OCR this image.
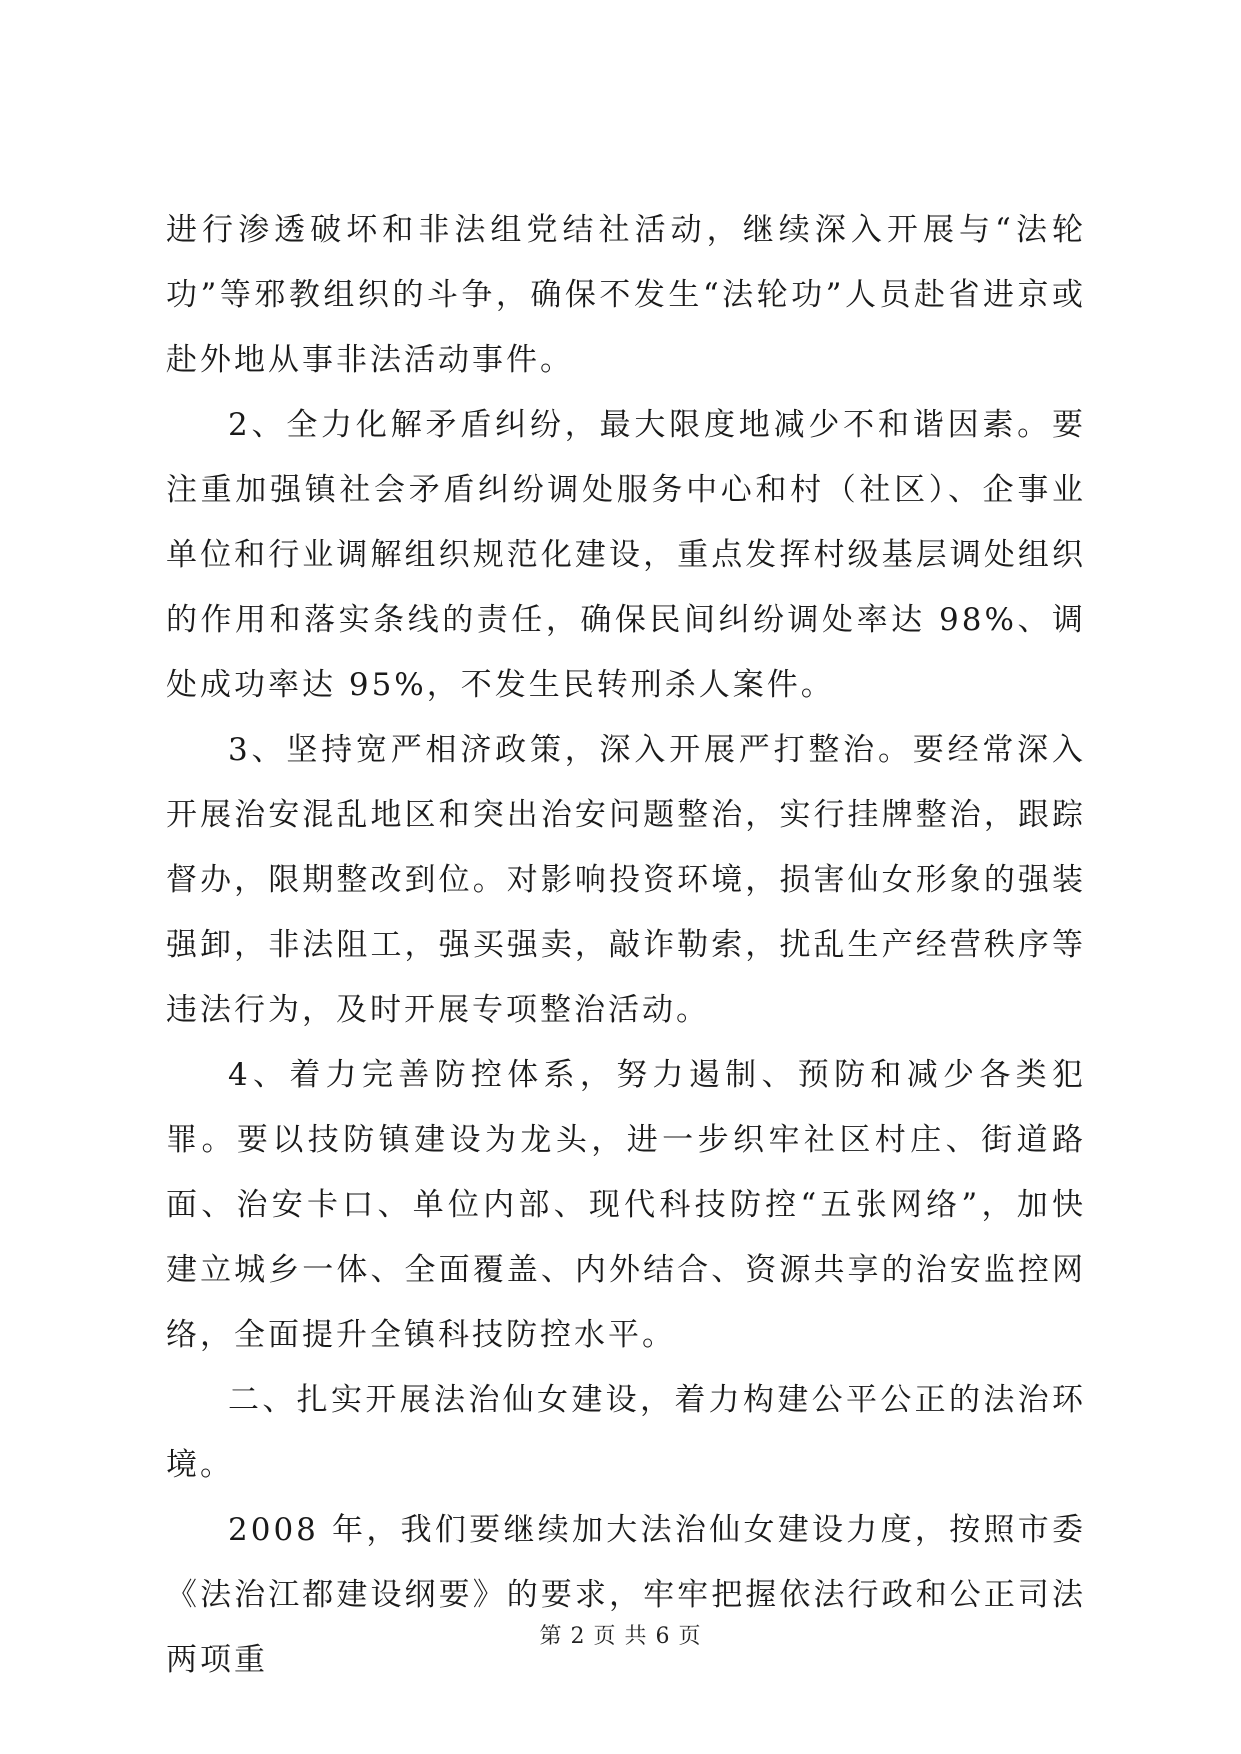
进行渗透破坏和非法组党结社活动，继续深入开展与“法轮功”等邪教组织的斗争，确保不发生“法轮功”人员赴省进京或赴外地从事非法活动事件。

2、全力化解矛盾纠纷，最大限度地减少不和谐因素。要注重加强镇社会矛盾纠纷调处服务中心和村（社区）、企事业单位和行业调解组织规范化建设，重点发挥村级基层调处组织的作用和落实条线的责任，确保民间纠纷调处率达 98%、调处成功率达 95%，不发生民转刑杀人案件。

3、坚持宽严相济政策，深入开展严打整治。要经常深入开展治安混乱地区和突出治安问题整治，实行挂牌整治，跟踪督办，限期整改到位。对影响投资环境，损害仙女形象的强装强卸，非法阻工，强买强卖，敲诈勒索，扰乱生产经营秩序等违法行为，及时开展专项整治活动。

4、着力完善防控体系，努力遏制、预防和减少各类犯罪。要以技防镇建设为龙头，进一步织牢社区村庄、街道路面、治安卡口、单位内部、现代科技防控“五张网络”，加快建立城乡一体、全面覆盖、内外结合、资源共享的治安监控网络，全面提升全镇科技防控水平。

二、扎实开展法治仙女建设，着力构建公平公正的法治环境。

2008 年，我们要继续加大法治仙女建设力度，按照市委《法治江都建设纲要》的要求，牢牢把握依法行政和公正司法两项重

第 2 页 共 6 页
